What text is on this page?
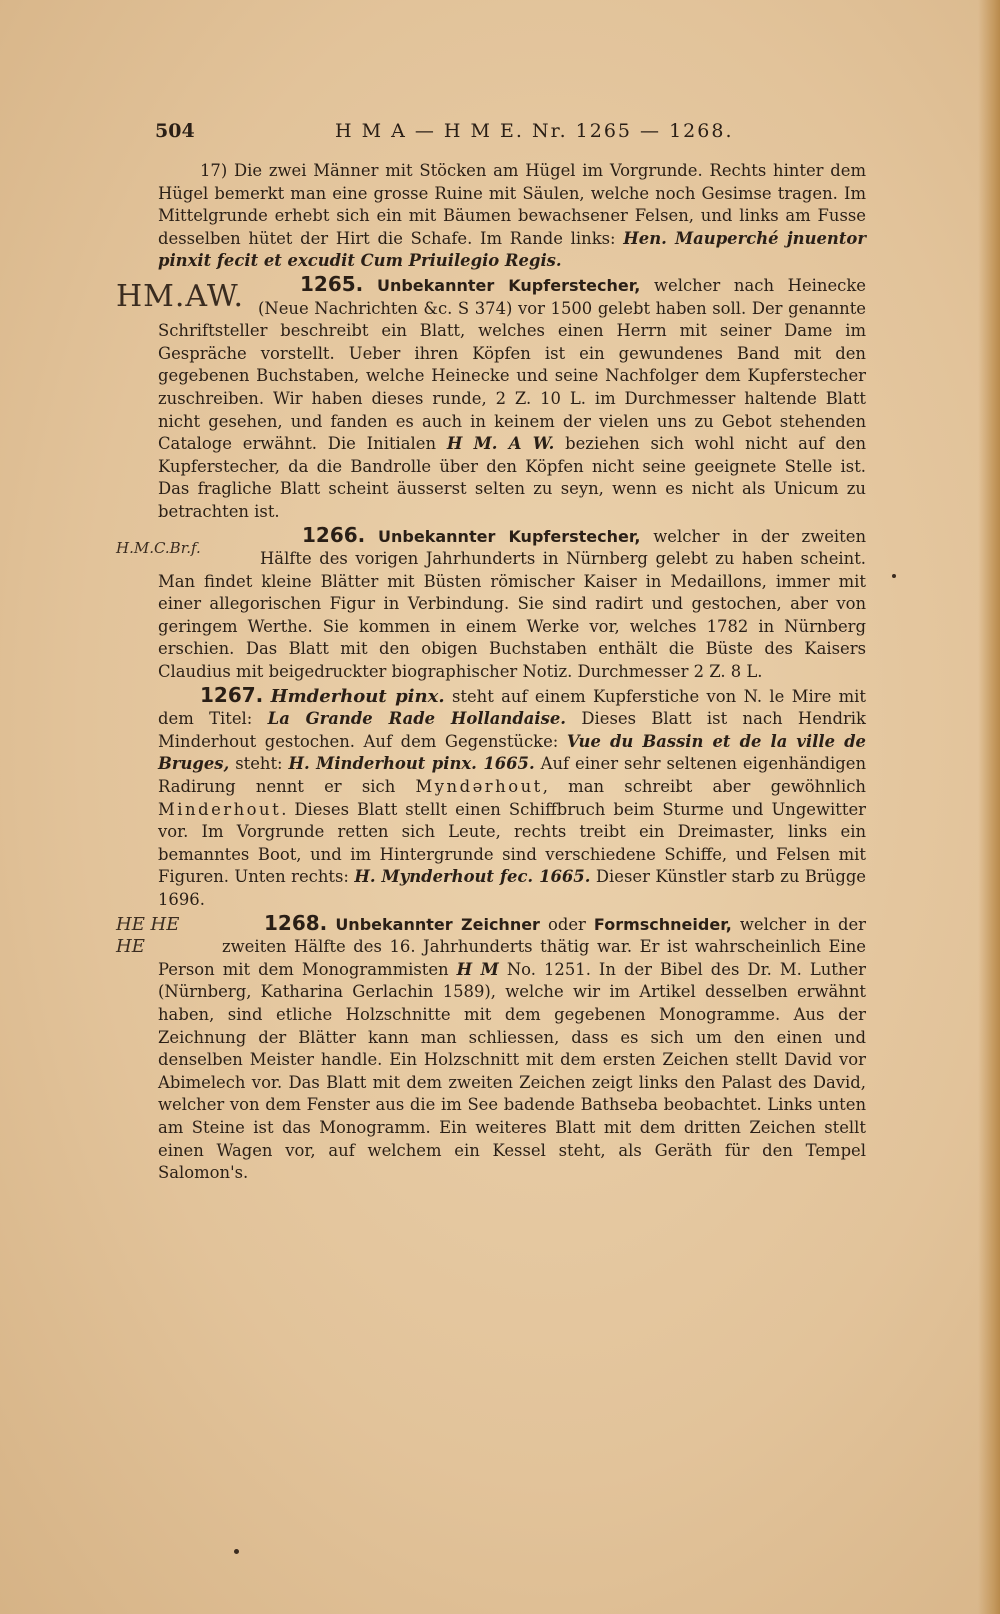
504	H M A — H M E. Nr. 1265 — 1268.

17) Die zwei Männer mit Stöcken am Hügel im Vorgrunde. Rechts hinter dem Hügel bemerkt man eine grosse Ruine mit Säulen, welche noch Gesimse tragen. Im Mittelgrunde erhebt sich ein mit Bäumen bewachsener Felsen, und links am Fusse desselben hütet der Hirt die Schafe. Im Rande links: Hen. Mauperché jnuentor pinxit fecit et excudit Cum Priuilegio Regis.

HM.AW.	1265. Unbekannter Kupferstecher, welcher nach Heinecke (Neue Nachrichten &c. S 374) vor 1500 gelebt haben soll. Der genannte Schriftsteller beschreibt ein Blatt, welches einen Herrn mit seiner Dame im Gespräche vorstellt. Ueber ihren Köpfen ist ein gewundenes Band mit den gegebenen Buchstaben, welche Heinecke und seine Nachfolger dem Kupferstecher zuschreiben. Wir haben dieses runde, 2 Z. 10 L. im Durchmesser haltende Blatt nicht gesehen, und fanden es auch in keinem der vielen uns zu Gebot stehenden Cataloge erwähnt. Die Initialen H M. A W. beziehen sich wohl nicht auf den Kupferstecher, da die Bandrolle über den Köpfen nicht seine geeignete Stelle ist. Das fragliche Blatt scheint äusserst selten zu seyn, wenn es nicht als Unicum zu betrachten ist.

H.M.C.Br.f.
1266. Unbekannter Kupferstecher, welcher in der zweiten Hälfte des vorigen Jahrhunderts in Nürnberg gelebt zu haben scheint. Man findet kleine Blätter mit Büsten römischer Kaiser in Medaillons, immer mit einer allegorischen Figur in Verbindung. Sie sind radirt und gestochen, aber von geringem Werthe. Sie kommen in einem Werke vor, welches 1782 in Nürnberg erschien. Das Blatt mit den obigen Buchstaben enthält die Büste des Kaisers Claudius mit beigedruckter biographischer Notiz. Durchmesser 2 Z. 8 L.

1267. Hmderhout pinx. steht auf einem Kupferstiche von N. le Mire mit dem Titel: La Grande Rade Hollandaise. Dieses Blatt ist nach Hendrik Minderhout gestochen. Auf dem Gegenstücke: Vue du Bassin et de la ville de Bruges, steht: H. Minderhout pinx. 1665. Auf einer sehr seltenen eigenhändigen Radirung nennt er sich Myndərhout, man schreibt aber gewöhnlich Minderhout. Dieses Blatt stellt einen Schiffbruch beim Sturme und Ungewitter vor. Im Vorgrunde retten sich Leute, rechts treibt ein Dreimaster, links ein bemanntes Boot, und im Hintergrunde sind verschiedene Schiffe, und Felsen mit Figuren. Unten rechts: H. Mynderhout fec. 1665. Dieser Künstler starb zu Brügge 1696.

HE HE
HE
1268. Unbekannter Zeichner oder Formschneider, welcher in der zweiten Hälfte des 16. Jahrhunderts thätig war. Er ist wahrscheinlich Eine Person mit dem Monogrammisten H M No. 1251. In der Bibel des Dr. M. Luther (Nürnberg, Katharina Gerlachin 1589), welche wir im Artikel desselben erwähnt haben, sind etliche Holzschnitte mit dem gegebenen Monogramme. Aus der Zeichnung der Blätter kann man schliessen, dass es sich um den einen und denselben Meister handle. Ein Holzschnitt mit dem ersten Zeichen stellt David vor Abimelech vor. Das Blatt mit dem zweiten Zeichen zeigt links den Palast des David, welcher von dem Fenster aus die im See badende Bathseba beobachtet. Links unten am Steine ist das Monogramm. Ein weiteres Blatt mit dem dritten Zeichen stellt einen Wagen vor, auf welchem ein Kessel steht, als Geräth für den Tempel Salomon's.
